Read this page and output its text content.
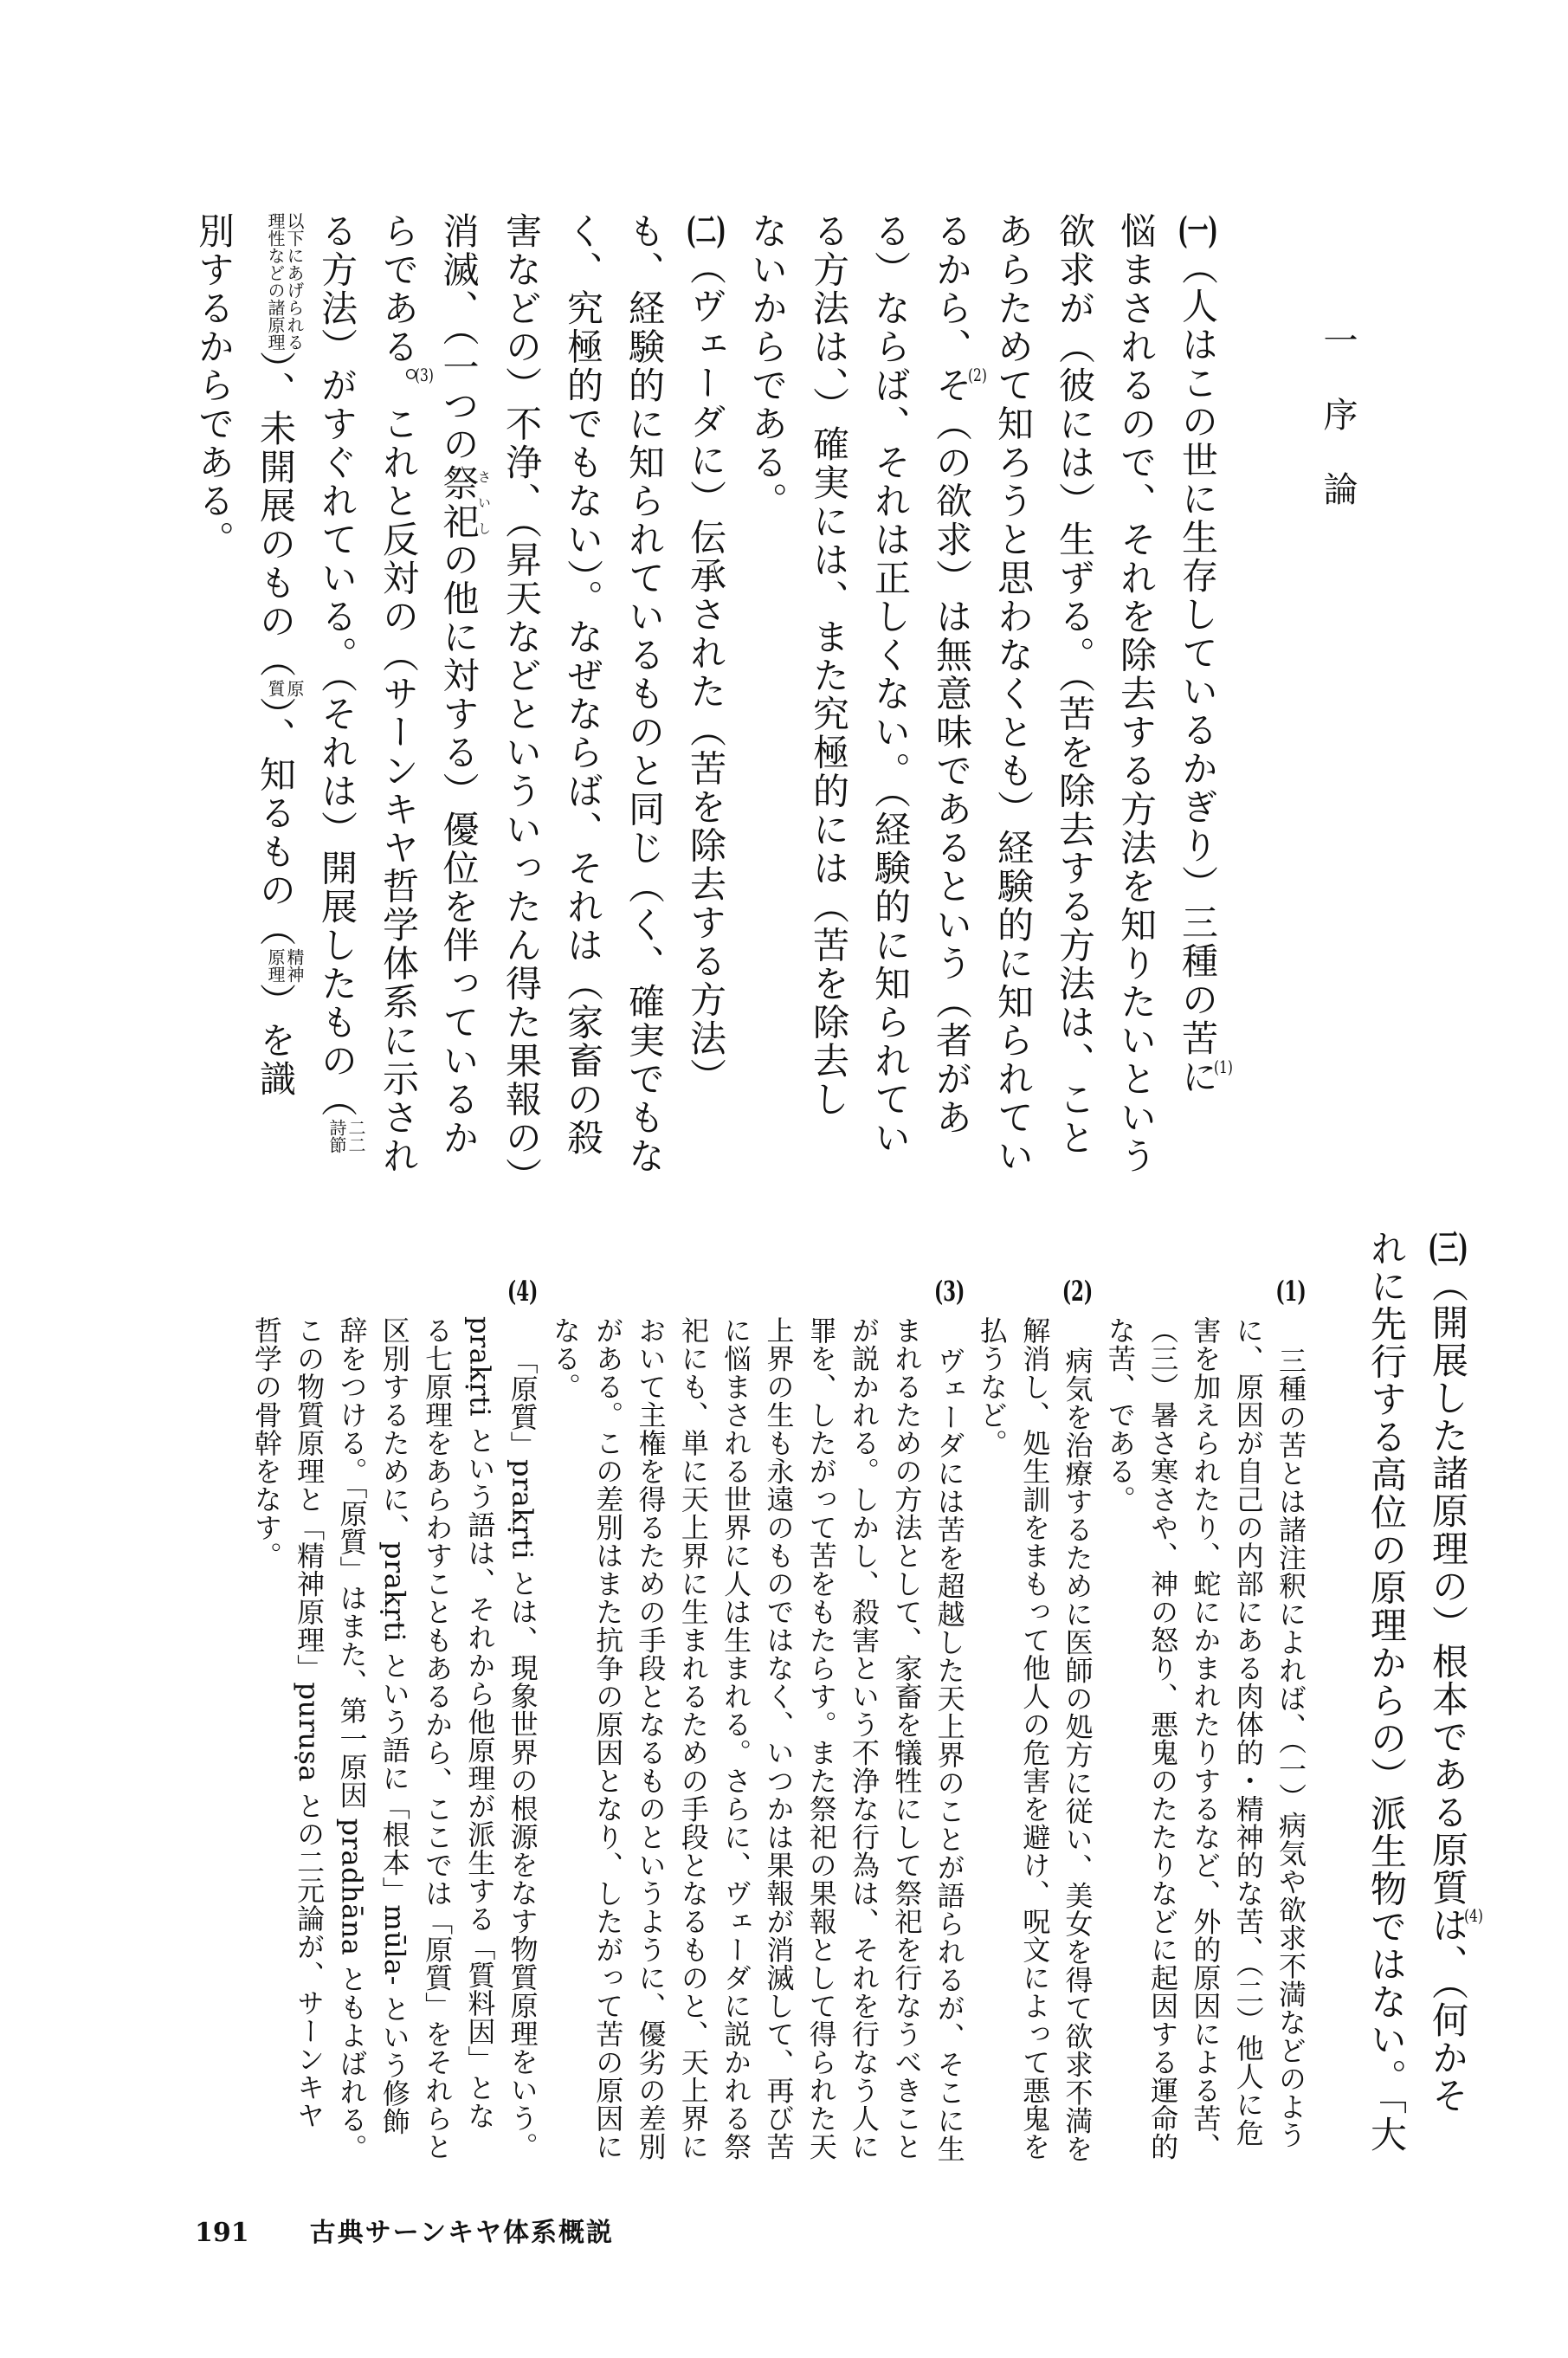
一序論
(一)（人はこの世に生存しているかぎり）三種の苦(1)に
悩まされるので、それを除去する方法を知りたいという
欲求が（彼には）生ずる。（苦を除去する方法は、こと
あらためて知ろうと思わなくとも）経験的に知られてい
るから、(2)そ（の欲求）は無意味であるという（者があ
る）ならば、それは正しくない。（経験的に知られてい
る方法は、）確実には、また究極的には（苦を除去し
ないからである。
(二)（ヴェーダに）伝承された（苦を除去する方法）
も、経験的に知られているものと同じ（く、確実でもな
く、究極的でもない）。なぜならば、それは（家畜の殺
害などの）不浄、（昇天などといういったん得た果報の）
消滅、（一つの祭祀さいしの他に対する）優位を伴っているか
らである(3)。これと反対の（サーンキヤ哲学体系に示され
る方法）がすぐれている。（それは）開展したもの（
二二
詩節
以下にあげられる
理性などの諸原理
）、未開展のもの（
原
質
）、知るもの（
精神
原理
）を識
別するからである。
(三)（開展した諸原理の）根本である原質(4)は、（何かそ
れに先行する高位の原理からの）派生物ではない。「大
(1)三種の苦とは諸注釈によれば、（一）病気や欲求不満などのよう
に、原因が自己の内部にある肉体的・精神的な苦、（二）他人に危
害を加えられたり、蛇にかまれたりするなど、外的原因による苦、
（三）暑さ寒さや、神の怒り、悪鬼のたたりなどに起因する運命的
な苦、である。
(2)病気を治療するために医師の処方に従い、美女を得て欲求不満を
解消し、処生訓をまもって他人の危害を避け、呪文によって悪鬼を
払うなど。
(3)ヴェーダには苦を超越した天上界のことが語られるが、そこに生
まれるための方法として、家畜を犠牲にして祭祀を行なうべきこと
が説かれる。しかし、殺害という不浄な行為は、それを行なう人に
罪を、したがって苦をもたらす。また祭祀の果報として得られた天
上界の生も永遠のものではなく、いつかは果報が消滅して、再び苦
に悩まされる世界に人は生まれる。さらに、ヴェーダに説かれる祭
祀にも、単に天上界に生まれるための手段となるものと、天上界に
おいて主権を得るための手段となるものというように、優劣の差別
がある。この差別はまた抗争の原因となり、したがって苦の原因に
なる。
(4)「原質」prakṛti とは、現象世界の根源をなす物質原理をいう。
prakṛti という語は、それから他原理が派生する「質料因」とな
る七原理をあらわすこともあるから、ここでは「原質」をそれらと
区別するために、prakṛti という語に「根本」mūla- という修飾
辞をつける。「原質」はまた、第一原因 pradhāna ともよばれる。
この物質原理と「精神原理」puruṣa との二元論が、サーンキヤ
哲学の骨幹をなす。
191 古典サーンキヤ体系概説
